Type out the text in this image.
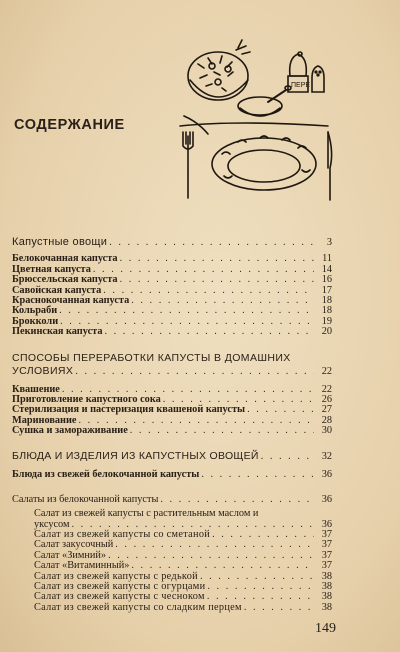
ПЕРЕ
СОДЕРЖАНИЕ
Капустные овощи . . .	3
Белокочанная капуста . . .	11
Цветная капуста . . .	14
Брюссельская капуста . . .	16
Савойская капуста . . .	17
Краснокочанная капуста . . .	18
Кольраби . . .	18
Брокколи . . .	19
Пекинская капуста . . .	20
СПОСОБЫ ПЕРЕРАБОТКИ КАПУСТЫ В ДОМАШНИХ
УСЛОВИЯХ . . .	22
Квашение . . .	22
Приготовление капустного сока . . .	26
Стерилизация и пастеризация квашеной капусты . . .	27
Маринование . . .	28
Сушка и замораживание . . .	30
БЛЮДА И ИЗДЕЛИЯ ИЗ КАПУСТНЫХ ОВОЩЕЙ . . .	32
Блюда из свежей белокочанной капусты . . .	36
Салаты из белокочанной капусты . . .	36
Салат из свежей капусты с растительным маслом и
уксусом . . .	36
Салат из свежей капусты со сметаной . . .	37
Салат закусочный . . .	37
Салат «Зимний» . . .	37
Салат «Витаминный» . . .	37
Салат из свежей капусты с редькой . . .	38
Салат из свежей капусты с огурцами . . .	38
Салат из свежей капусты с чесноком . . .	38
Салат из свежей капусты со сладким перцем . . .	38
149
